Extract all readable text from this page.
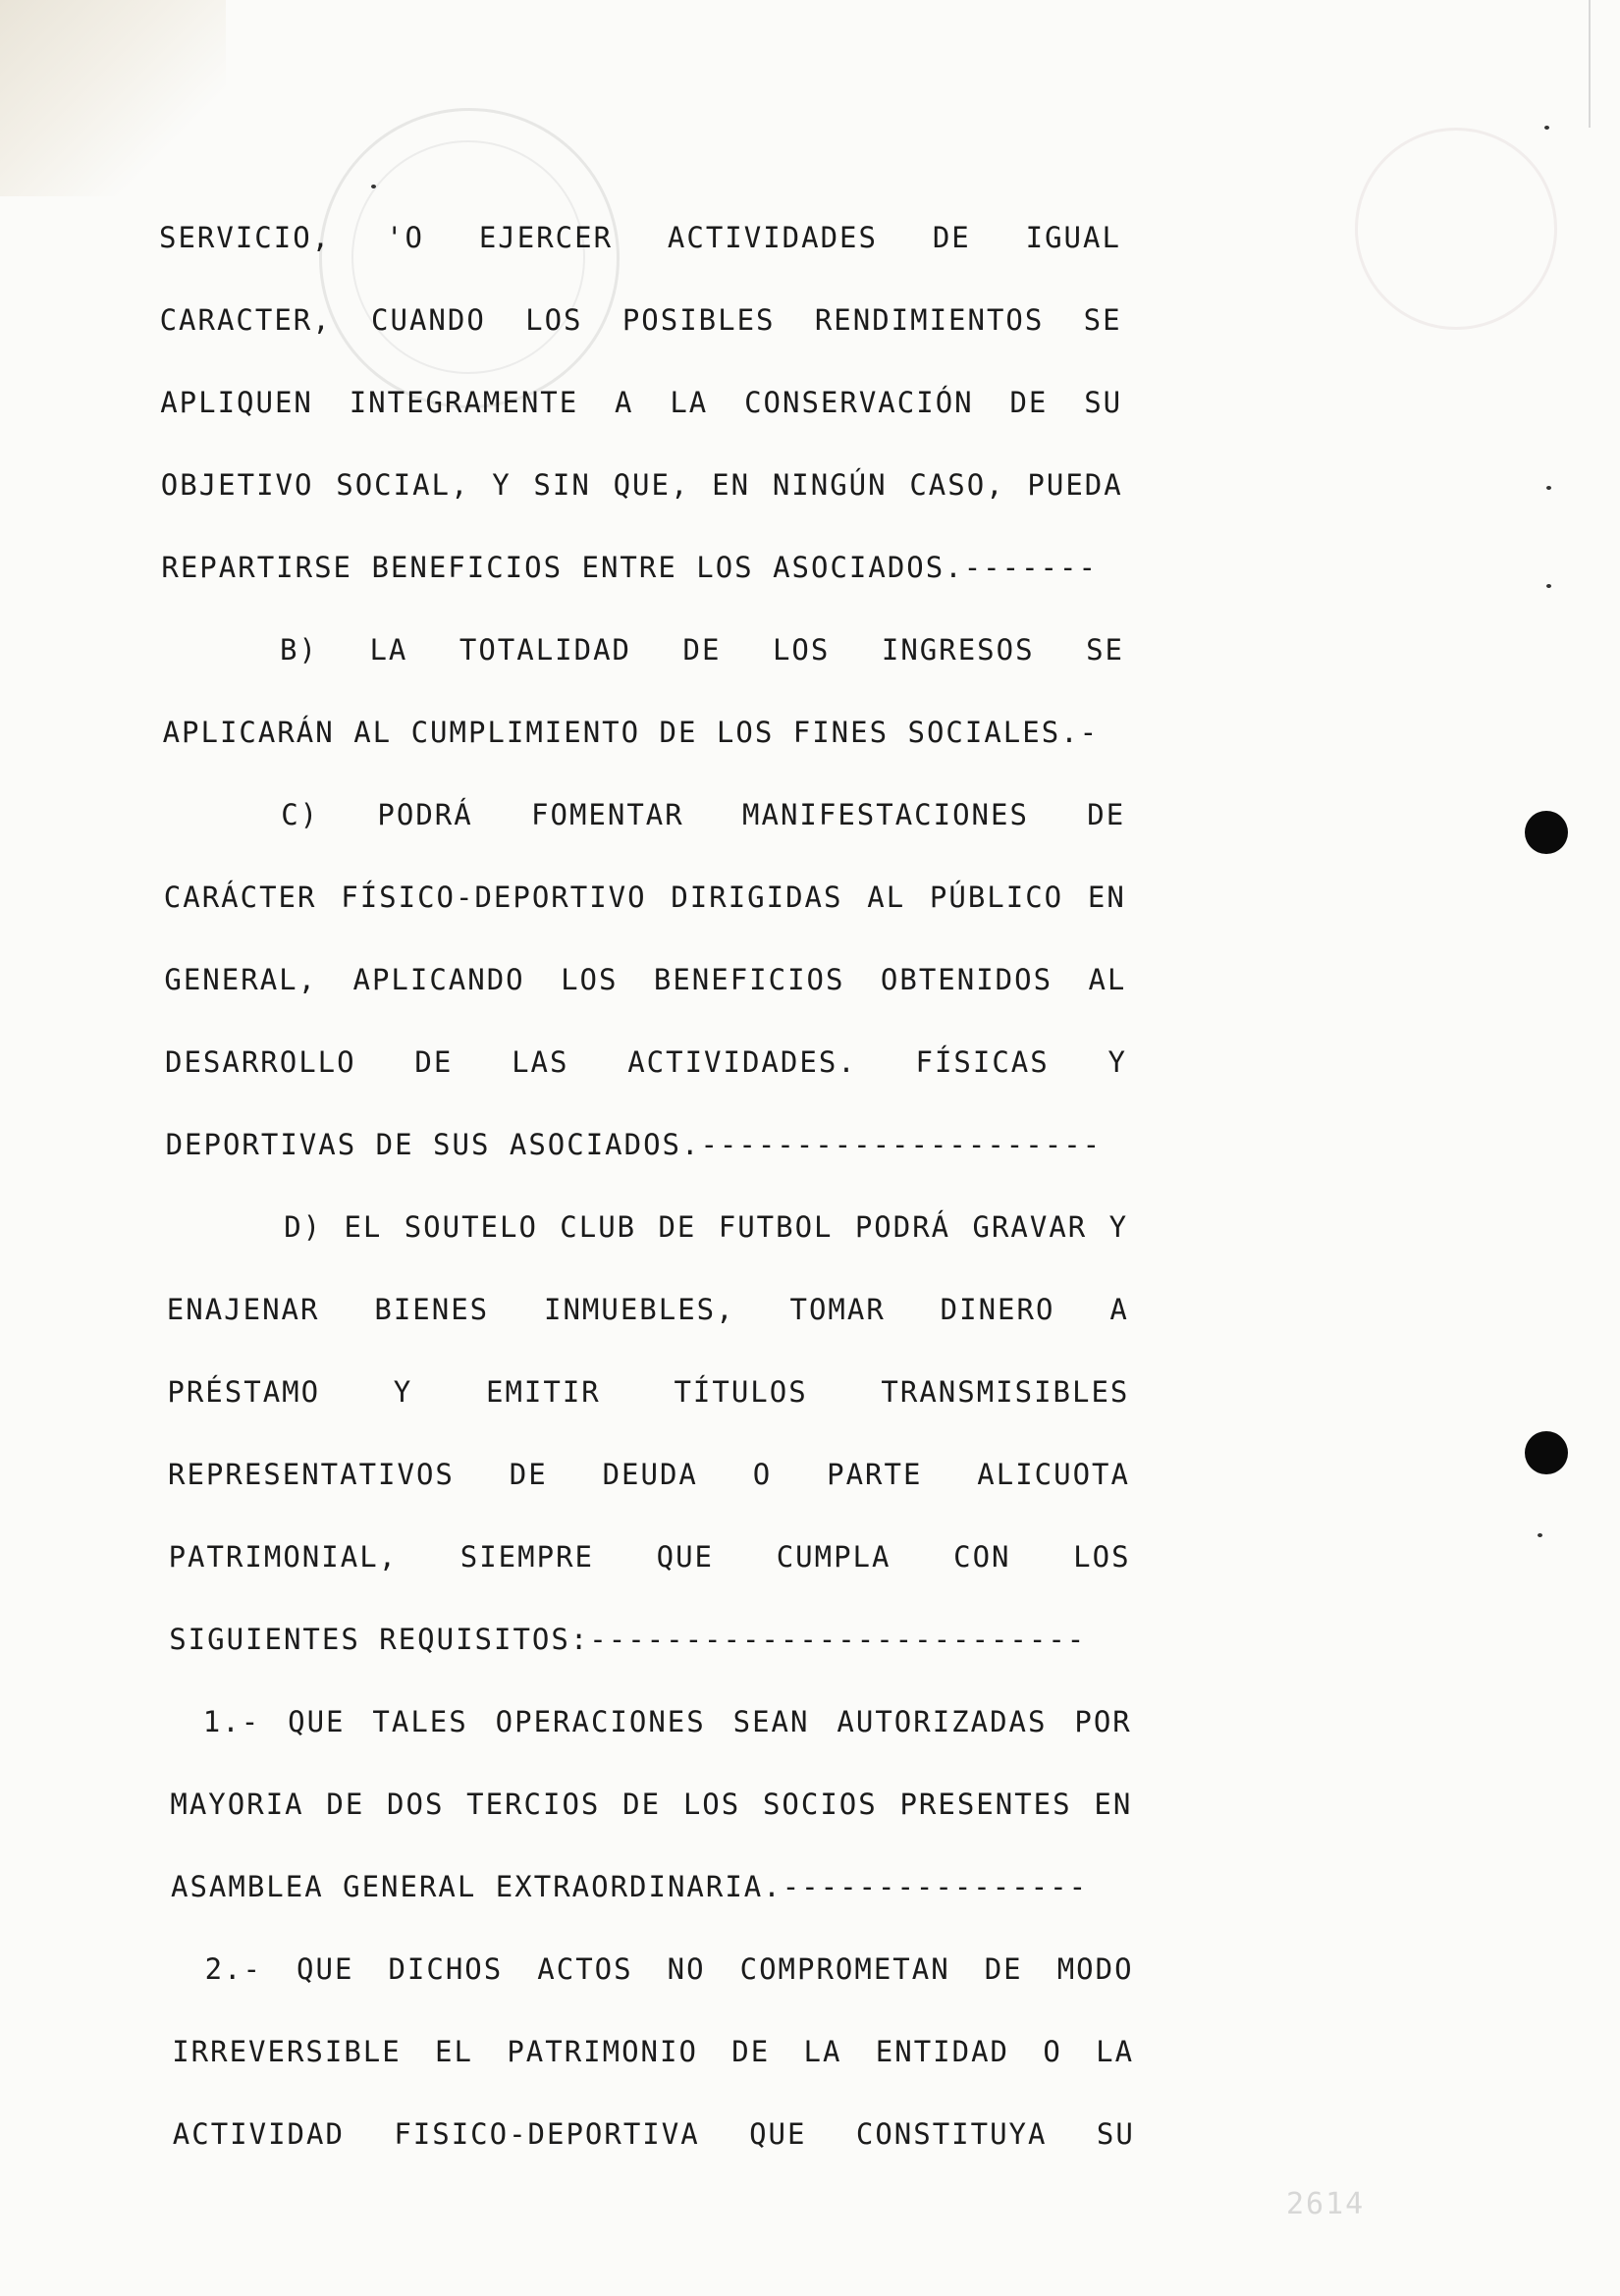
SERVICIO, 'O EJERCER ACTIVIDADES DE IGUAL
CARACTER, CUANDO LOS POSIBLES RENDIMIENTOS SE
APLIQUEN INTEGRAMENTE A LA CONSERVACIÓN DE SU
OBJETIVO SOCIAL, Y SIN QUE, EN NINGÚN CASO, PUEDA
REPARTIRSE BENEFICIOS ENTRE LOS ASOCIADOS.-------
B) LA TOTALIDAD DE LOS INGRESOS SE
APLICARÁN AL CUMPLIMIENTO DE LOS FINES SOCIALES.-
C) PODRÁ FOMENTAR MANIFESTACIONES DE
CARÁCTER FÍSICO-DEPORTIVO DIRIGIDAS AL PÚBLICO EN
GENERAL, APLICANDO LOS BENEFICIOS OBTENIDOS AL
DESARROLLO DE LAS ACTIVIDADES. FÍSICAS Y
DEPORTIVAS DE SUS ASOCIADOS.---------------------
D) EL SOUTELO CLUB DE FUTBOL PODRÁ GRAVAR Y
ENAJENAR BIENES INMUEBLES, TOMAR DINERO A
PRÉSTAMO	Y	EMITIR	TÍTULOS	TRANSMISIBLES
REPRESENTATIVOS DE DEUDA O PARTE ALICUOTA
PATRIMONIAL, SIEMPRE QUE CUMPLA CON LOS
SIGUIENTES REQUISITOS:--------------------------
1.- QUE TALES OPERACIONES SEAN AUTORIZADAS POR
MAYORIA DE DOS TERCIOS DE LOS SOCIOS PRESENTES EN
ASAMBLEA GENERAL EXTRAORDINARIA.----------------
2.- QUE DICHOS ACTOS NO COMPROMETAN DE MODO
IRREVERSIBLE EL PATRIMONIO DE LA ENTIDAD O LA
ACTIVIDAD FISICO-DEPORTIVA QUE CONSTITUYA SU
2614
